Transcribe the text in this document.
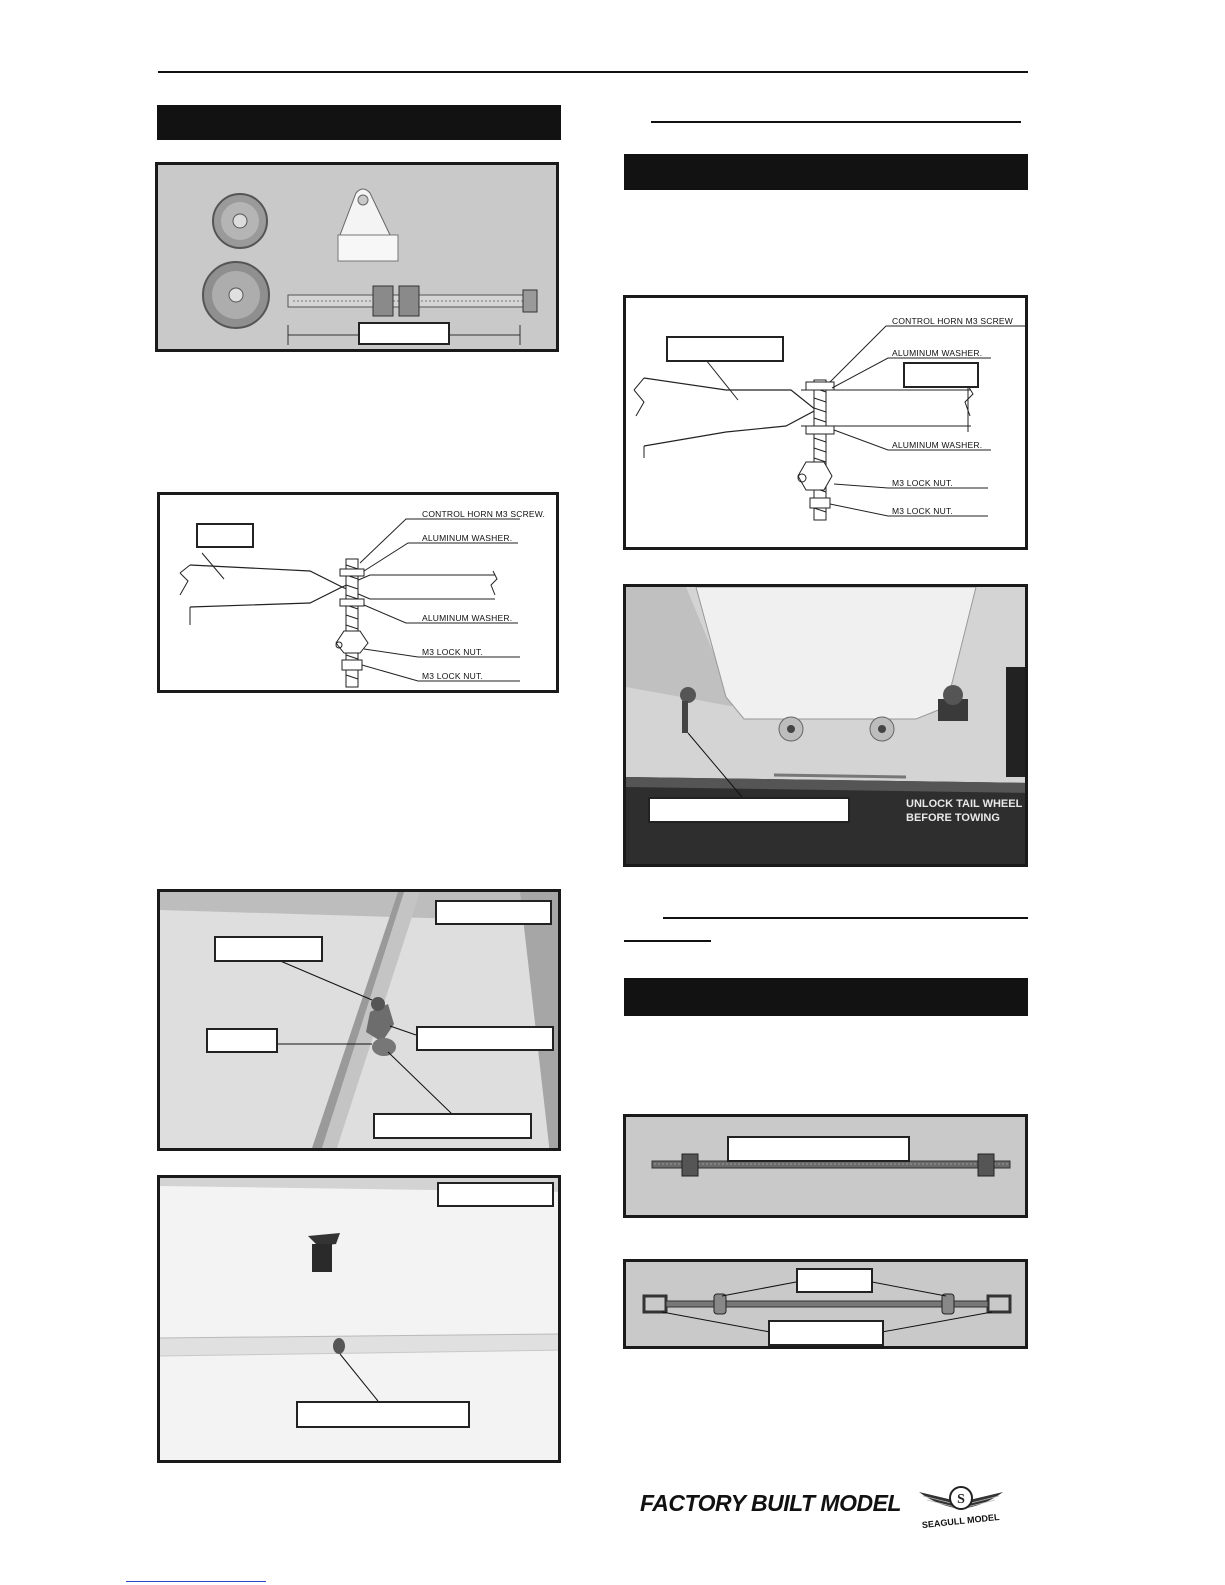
CONTROL HORN M3 SCREW.
ALUMINUM WASHER.
ALUMINUM WASHER.
M3 LOCK NUT.
M3 LOCK NUT.
CONTROL HORN M3 SCREW
ALUMINUM WASHER.
ALUMINUM WASHER.
M3 LOCK NUT.
M3 LOCK NUT.
UNLOCK TAIL WHEEL
BEFORE TOWING
FACTORY BUILT MODEL	S
SEAGULL MODEL
